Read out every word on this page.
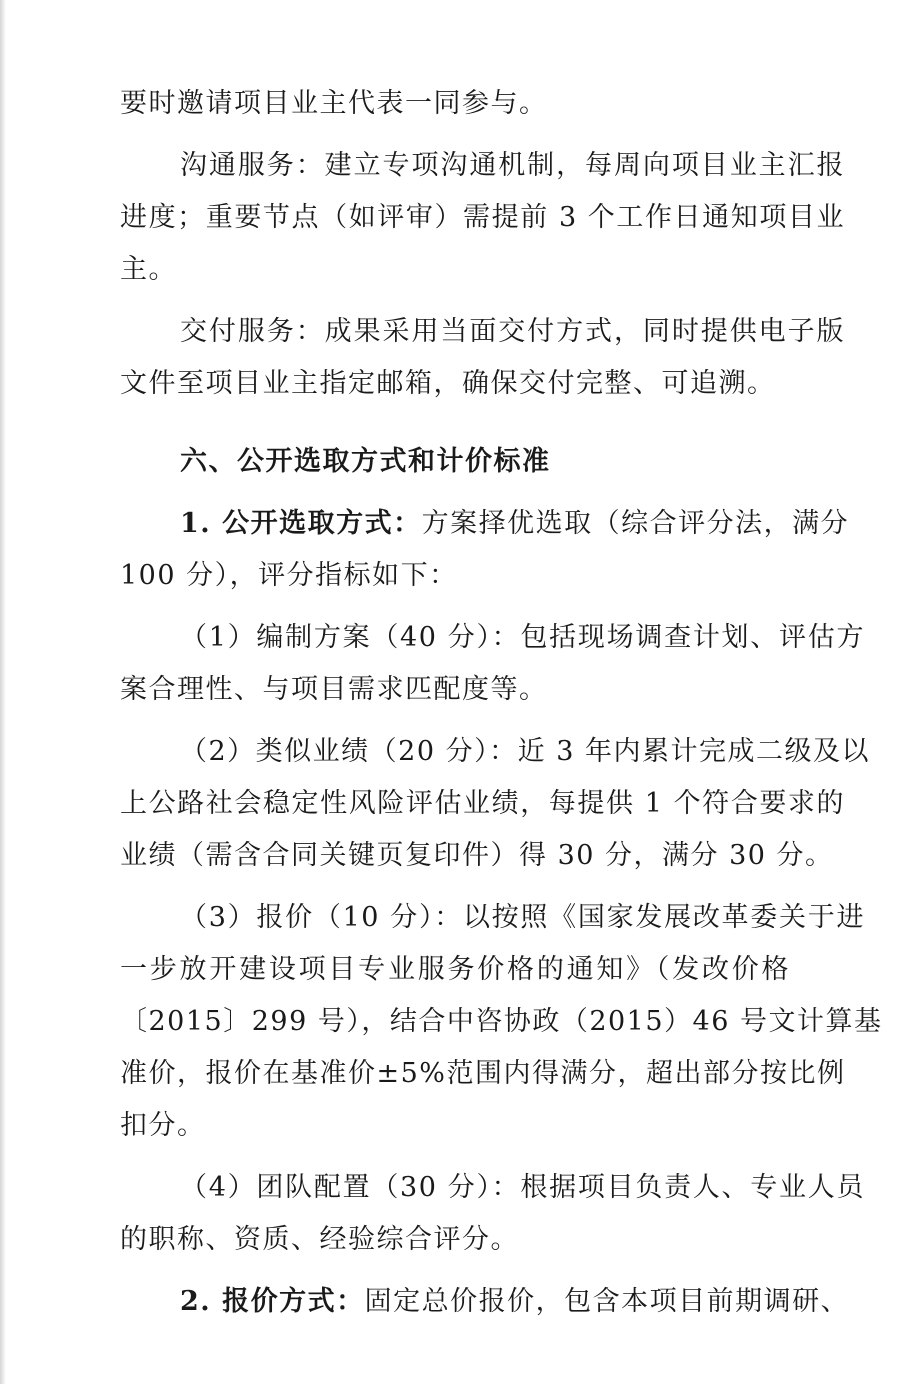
要时邀请项目业主代表一同参与。
沟通服务：建立专项沟通机制，每周向项目业主汇报
进度；重要节点（如评审）需提前 3 个工作日通知项目业
主。
交付服务：成果采用当面交付方式，同时提供电子版
文件至项目业主指定邮箱，确保交付完整、可追溯。
六、公开选取方式和计价标准
1. 公开选取方式：方案择优选取（综合评分法，满分
100 分），评分指标如下：
（1）编制方案（40 分）：包括现场调查计划、评估方
案合理性、与项目需求匹配度等。
（2）类似业绩（20 分）：近 3 年内累计完成二级及以
上公路社会稳定性风险评估业绩，每提供 1 个符合要求的
业绩（需含合同关键页复印件）得 30 分，满分 30 分。
（3）报价（10 分）：以按照《国家发展改革委关于进
一步放开建设项目专业服务价格的通知》（发改价格
〔2015〕299 号），结合中咨协政（2015）46 号文计算基
准价，报价在基准价±5%范围内得满分，超出部分按比例
扣分。
（4）团队配置（30 分）：根据项目负责人、专业人员
的职称、资质、经验综合评分。
2. 报价方式：固定总价报价，包含本项目前期调研、
